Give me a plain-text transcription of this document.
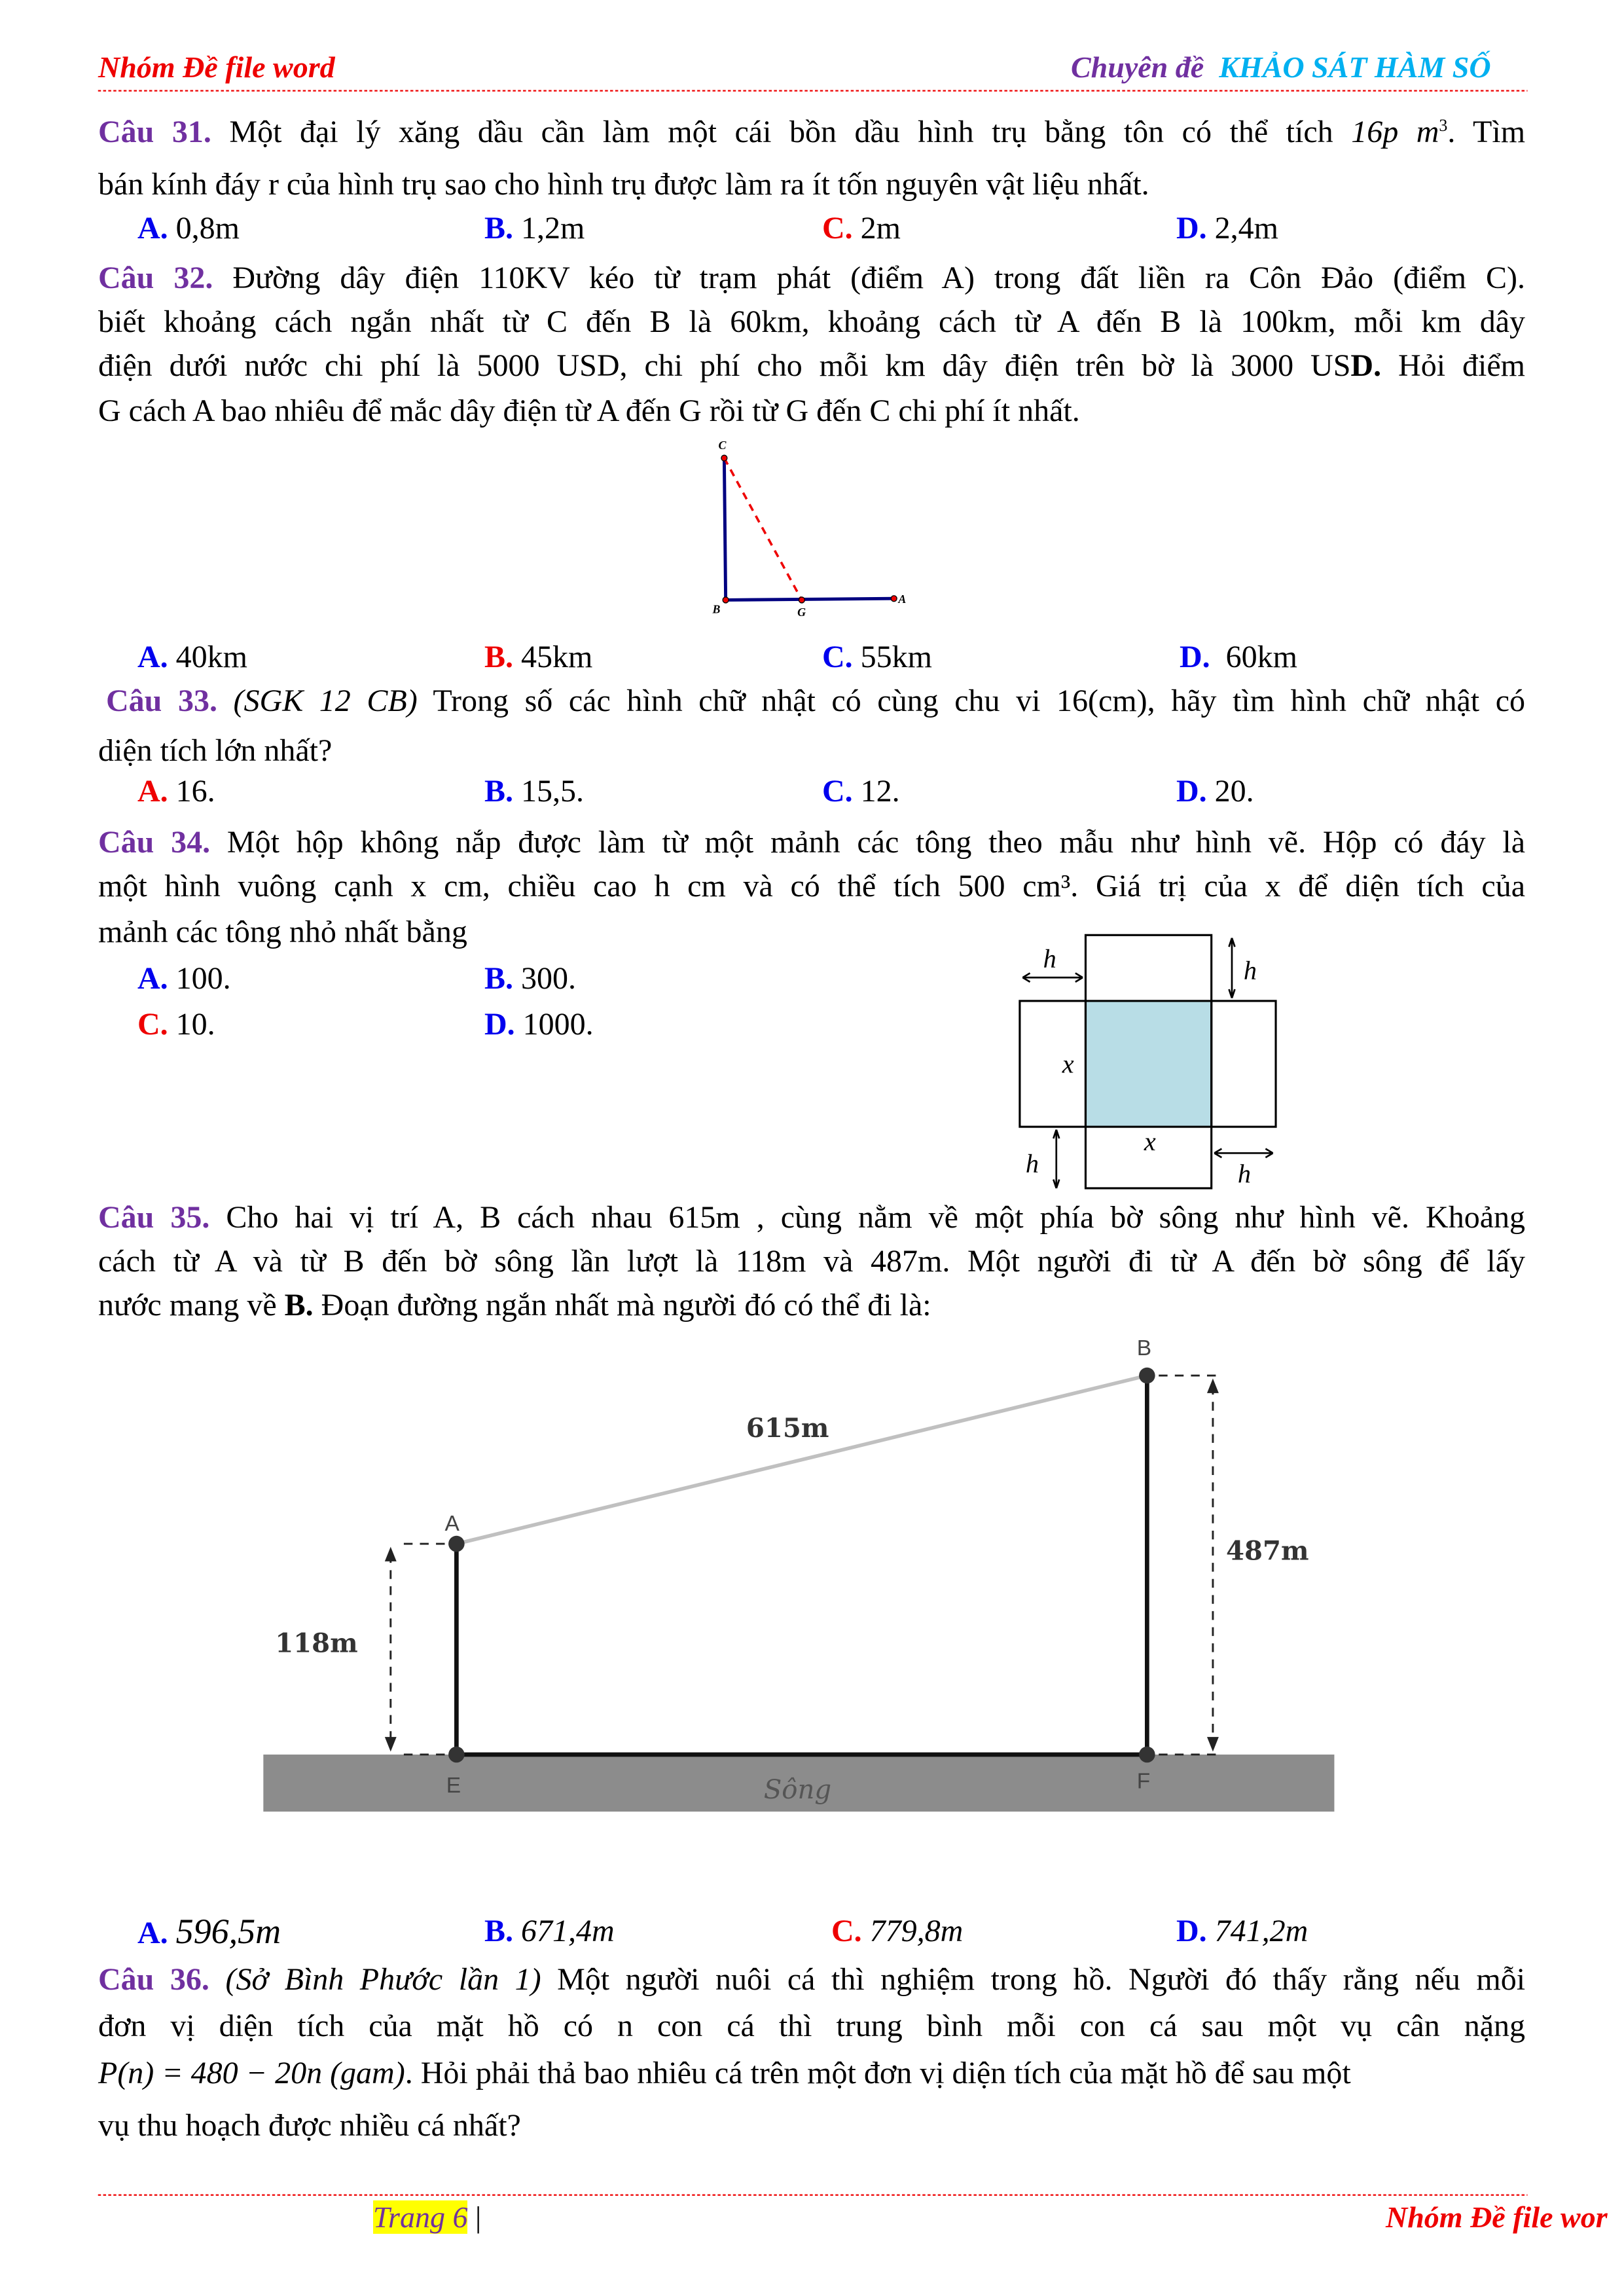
Nhóm Đề file word	Chuyên đề KHẢO SÁT HÀM SỐ
Câu 31. Một đại lý xăng dầu cần làm một cái bồn dầu hình trụ bằng tôn có thể tích 16p $m^3$. Tìm
bán kính đáy r của hình trụ sao cho hình trụ được làm ra ít tốn nguyên vật liệu nhất.
A. 0,8m	B. 1,2m	C. 2m	D. 2,4m
Câu 32. Đường dây điện 110KV kéo từ trạm phát (điểm A) trong đất liền ra Côn Đảo (điểm C).
biết khoảng cách ngắn nhất từ C đến B là 60km, khoảng cách từ A đến B là 100km, mỗi km dây
điện dưới nước chi phí là 5000 USD, chi phí cho mỗi km dây điện trên bờ là 3000 USD. Hỏi điểm
G cách A bao nhiêu để mắc dây điện từ A đến G rồi từ G đến C chi phí ít nhất.
A. 40km	B. 45km	C. 55km	D. 60km
Câu 33. (SGK 12 CB) Trong số các hình chữ nhật có cùng chu vi 16(cm), hãy tìm hình chữ nhật có
diện tích lớn nhất?
A. 16.	B. 15,5.	C. 12.	D. 20.
Câu 34. Một hộp không nắp được làm từ một mảnh các tông theo mẫu như hình vẽ. Hộp có đáy là
một hình vuông cạnh x cm, chiều cao h cm và có thể tích 500 cm³. Giá trị của x để diện tích của
mảnh các tông nhỏ nhất bằng
A. 100.	B. 300.
C. 10.	D. 1000.
Câu 35. Cho hai vị trí A, B cách nhau 615m , cùng nằm về một phía bờ sông như hình vẽ. Khoảng
cách từ A và từ B đến bờ sông lần lượt là 118m và 487m. Một người đi từ A đến bờ sông để lấy
nước mang về B. Đoạn đường ngắn nhất mà người đó có thể đi là:
A. 596,5m	B. 671,4m	C. 779,8m	D. 741,2m
Câu 36. (Sở Bình Phước lần 1) Một người nuôi cá thì nghiệm trong hồ. Người đó thấy rằng nếu mỗi
đơn vị diện tích của mặt hồ có n con cá thì trung bình mỗi con cá sau một vụ cân nặng
P(n) = 480 − 20n (gam). Hỏi phải thả bao nhiêu cá trên một đơn vị diện tích của mặt hồ để sau một
vụ thu hoạch được nhiều cá nhất?
Trang 6 |	Nhóm Đề file wor
C
B	G
A
h	h
x
x
h	h
A
B
E	F
615m
118m
487m
Sông
